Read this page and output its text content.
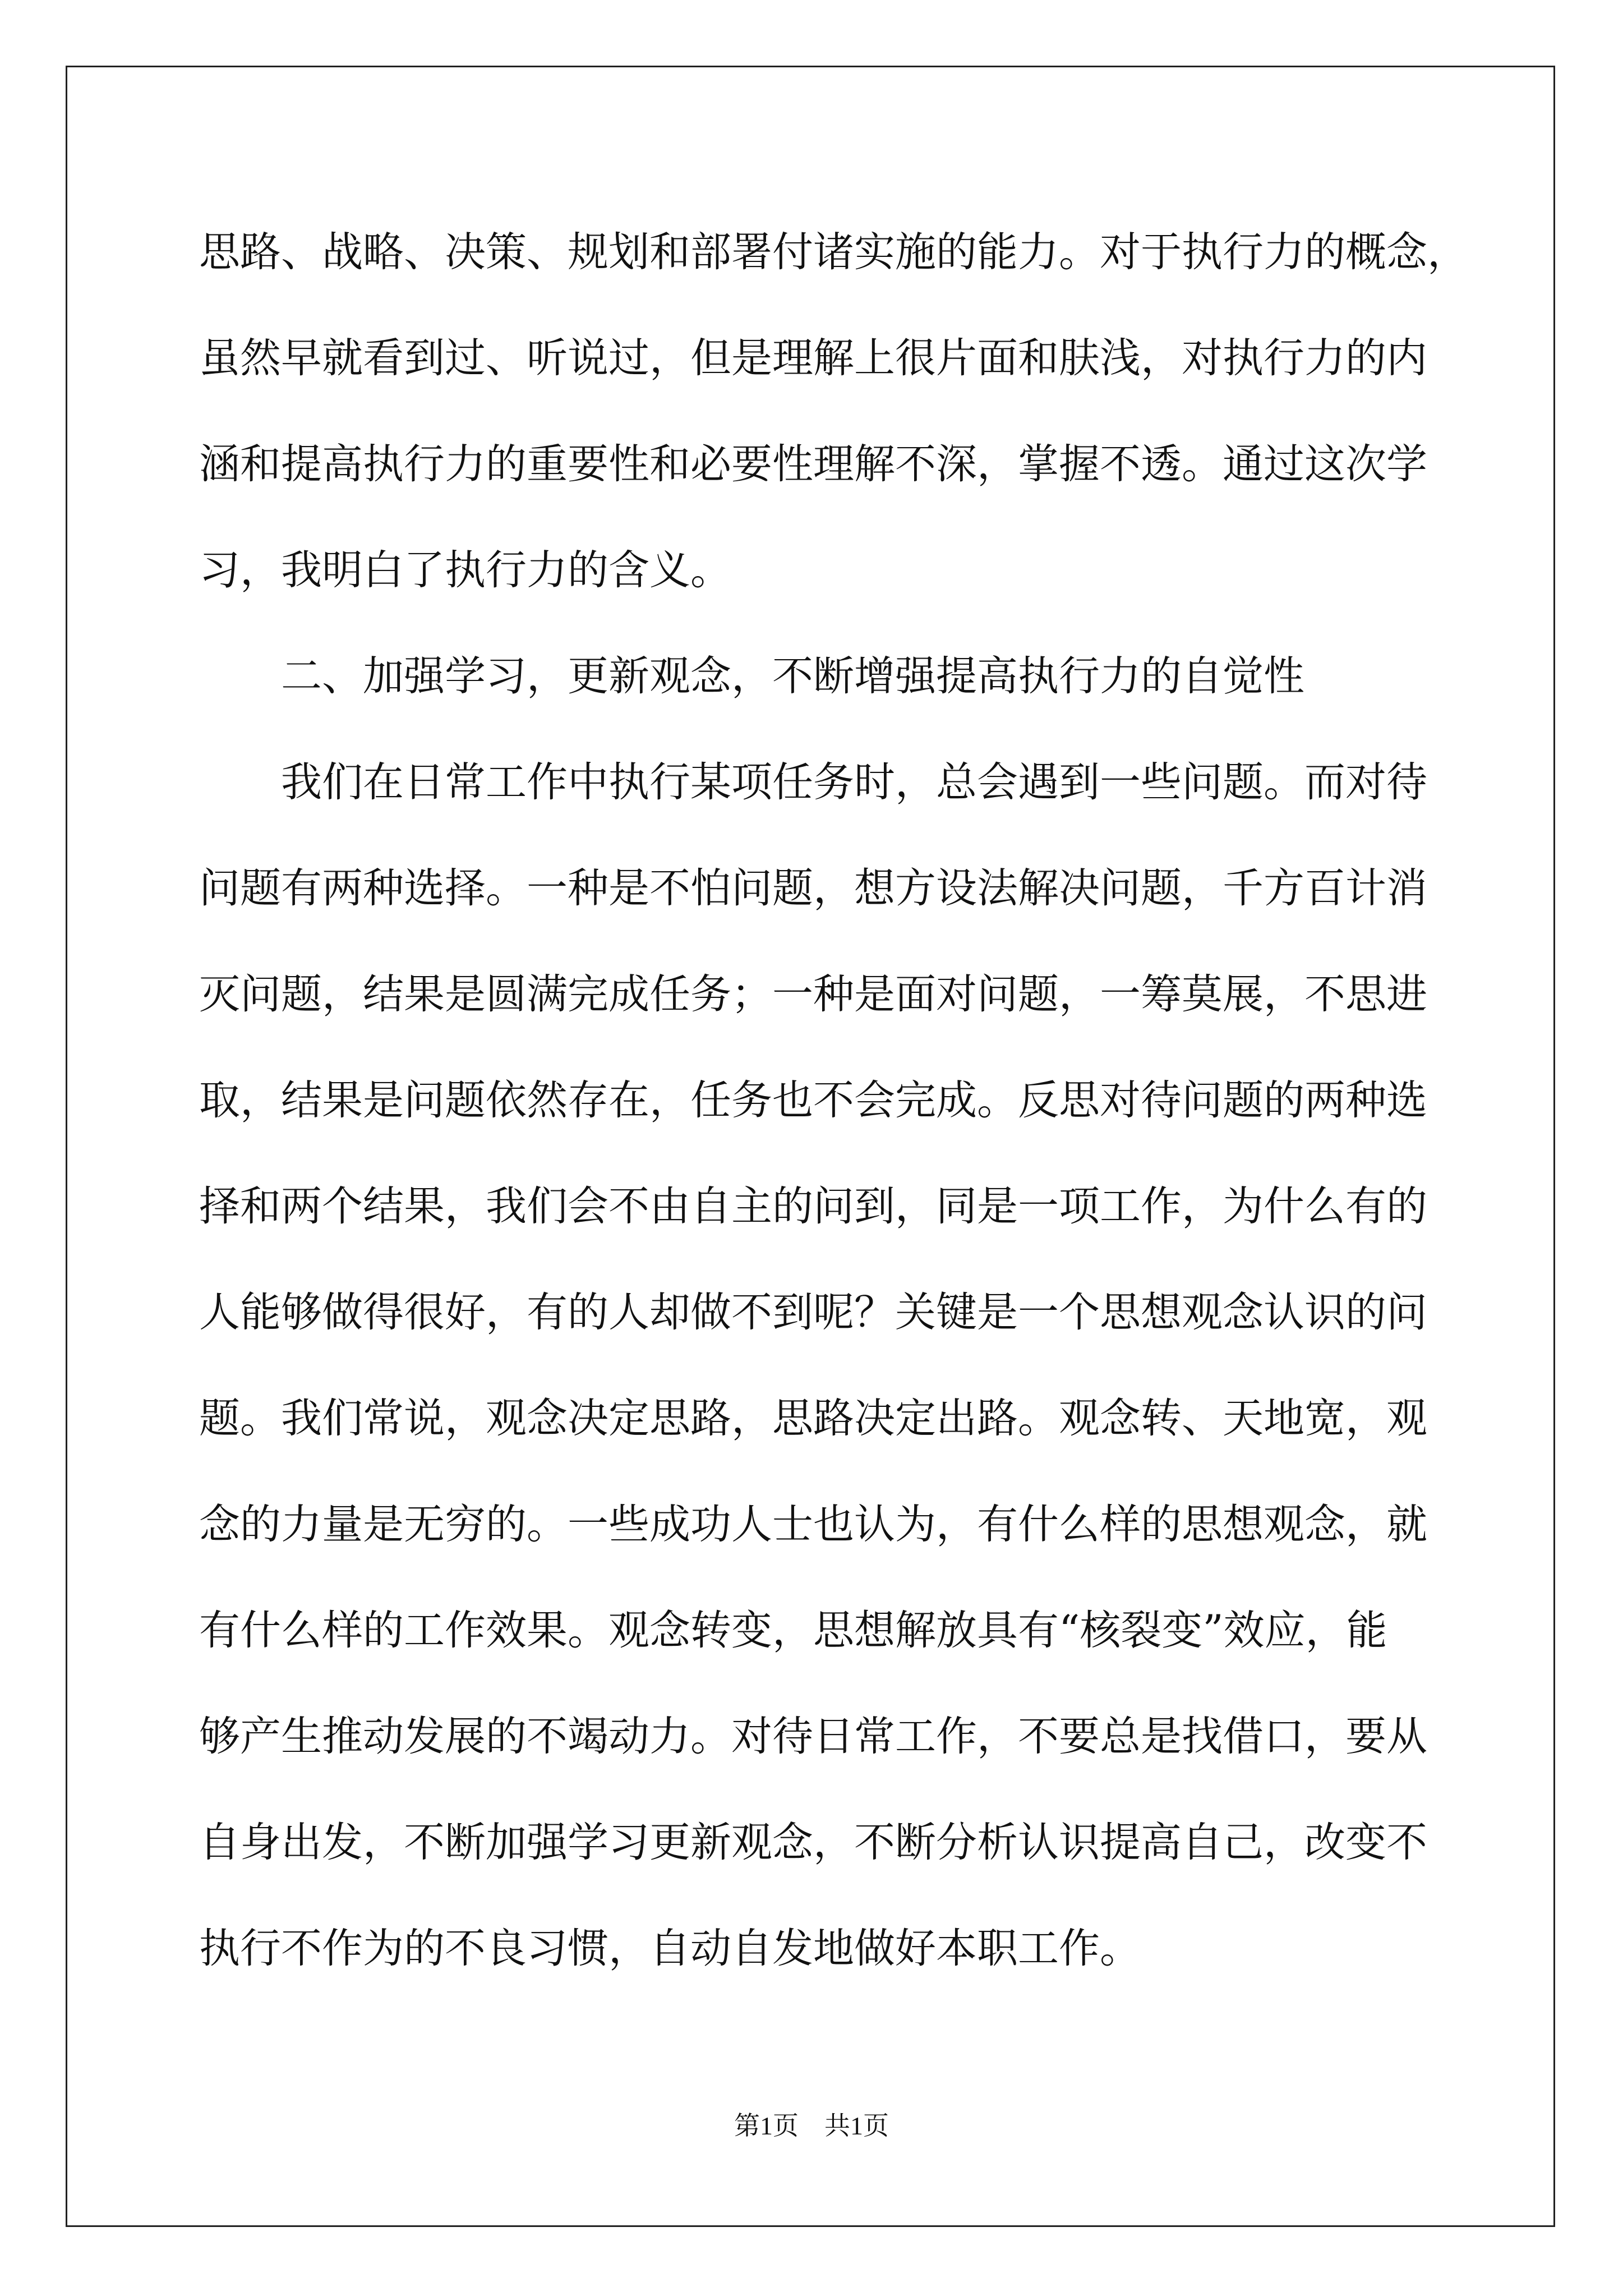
思路、战略、决策、规划和部署付诸实施的能力。对于执行力的概念，
虽然早就看到过、听说过，但是理解上很片面和肤浅，对执行力的内
涵和提高执行力的重要性和必要性理解不深，掌握不透。通过这次学
习，我明白了执行力的含义。
二、加强学习，更新观念，不断增强提高执行力的自觉性
我们在日常工作中执行某项任务时，总会遇到一些问题。而对待
问题有两种选择。一种是不怕问题，想方设法解决问题，千方百计消
灭问题，结果是圆满完成任务；一种是面对问题，一筹莫展，不思进
取，结果是问题依然存在，任务也不会完成。反思对待问题的两种选
择和两个结果，我们会不由自主的问到，同是一项工作，为什么有的
人能够做得很好，有的人却做不到呢？关键是一个思想观念认识的问
题。我们常说，观念决定思路，思路决定出路。观念转、天地宽，观
念的力量是无穷的。一些成功人士也认为，有什么样的思想观念，就
有什么样的工作效果。观念转变，思想解放具有“核裂变”效应，能
够产生推动发展的不竭动力。对待日常工作，不要总是找借口，要从
自身出发，不断加强学习更新观念，不断分析认识提高自己，改变不
执行不作为的不良习惯，自动自发地做好本职工作。
第1页　共1页
